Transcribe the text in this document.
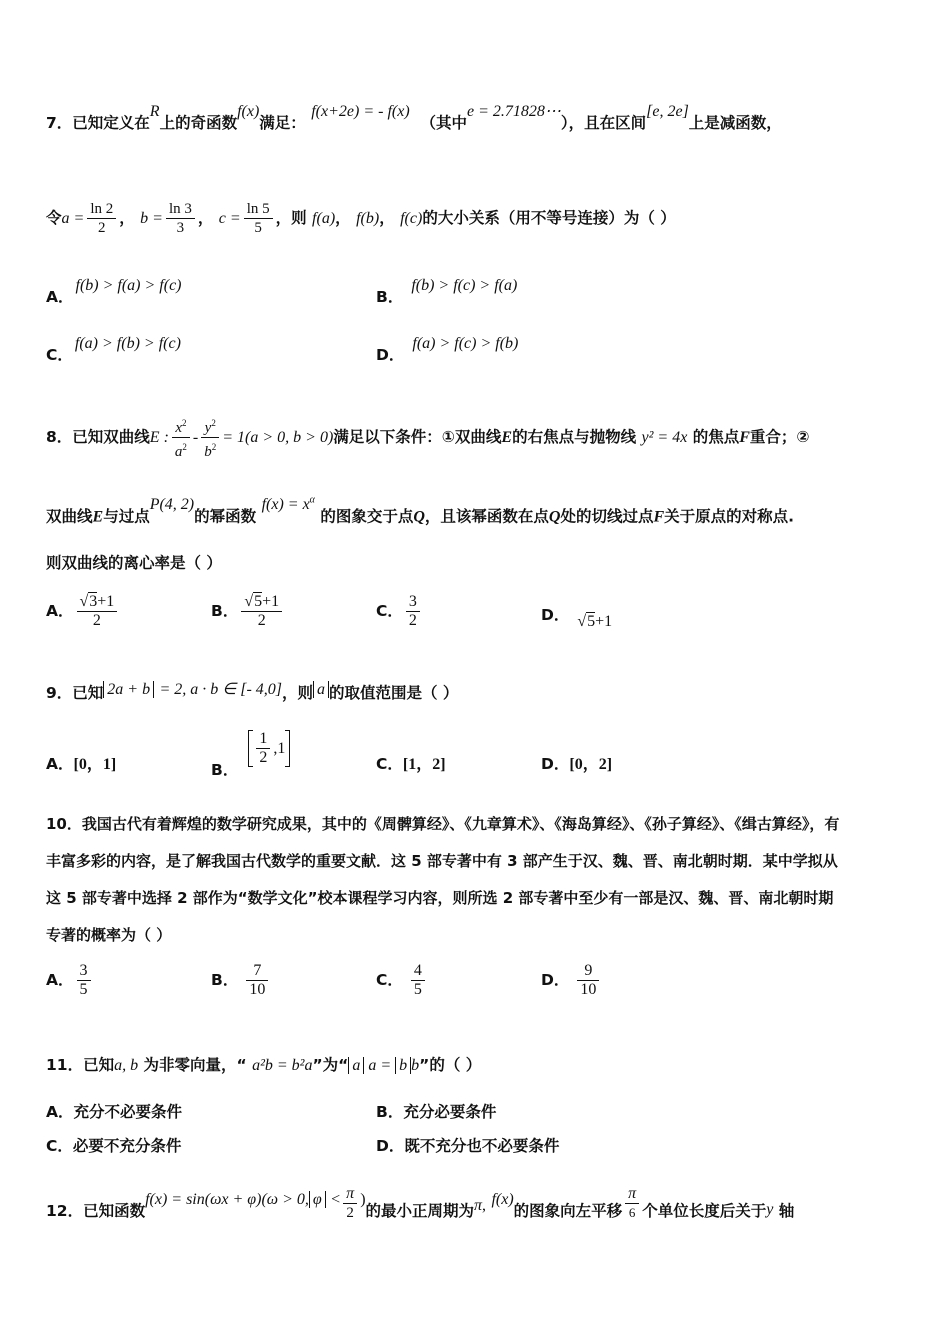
7．已知定义在R上的奇函数f(x)满足： f(x+2e) = - f(x)  （其中e = 2.71828⋯），且在区间[e, 2e]上是减函数，
令$a = \frac{\ln 2}{2}$ ， $b = \frac{\ln 3}{3}$ ， $c = \frac{\ln 5}{5}$ ，则 f(a)， f(b)， f(c)的大小关系（用不等号连接）为（ ）
A．f(b) > f(a) > f(c)
B．f(b) > f(c) > f(a)
C．f(a) > f(b) > f(c)
D．f(a) > f(c) > f(b)
8．已知双曲线E : $\frac{x^2}{a^2} - \frac{y^2}{b^2} = 1(a > 0$, b > 0)满足以下条件：①双曲线E的右焦点与抛物线 y² = 4x 的焦点F重合；②
双曲线E与过点P(4, 2)的幂函数 $f(x) = x^\alpha$ 的图象交于点Q，且该幂函数在点Q处的切线过点F关于原点的对称点.
则双曲线的离心率是（ ）
A． $\frac{√3+1}{2}$	B． $\frac{√5+1}{2}$	C． $\frac{3}{2}$	D． √5+1
9．已知 2a + b = 2, a · b ∈ [- 4,0]，则 a 的取值范围是（ ）
A．[0，1]	B．
$\frac{1}{2} ,1$
C．[1，2]	D．[0，2]
10．我国古代有着辉煌的数学研究成果，其中的《周髀算经》、《九章算术》、《海岛算经》、《孙子算经》、《缉古算经》，有
丰富多彩的内容，是了解我国古代数学的重要文献．这 5 部专著中有 3 部产生于汉、魏、晋、南北朝时期．某中学拟从
这 5 部专著中选择 2 部作为“数学文化”校本课程学习内容，则所选 2 部专著中至少有一部是汉、魏、晋、南北朝时期
专著的概率为（ ）
A． $\frac{3}{5}$	B． $\frac{7}{10}$	C． $\frac{4}{5}$	D． $\frac{9}{10}$
11．已知a, b 为非零向量，“ a²b = b²a”为“ a a = b b”的（ ）
A．充分不必要条件	B．充分必要条件
C．必要不充分条件	D．既不充分也不必要条件
12．已知函数f(x) = sin(ωx + φ)(ω > 0, $\varphi < \frac{\pi}{2}$ )的最小正周期为π, f(x)的图象向左平移 $\frac{\pi}{6}$ 个单位长度后关于y 轴
